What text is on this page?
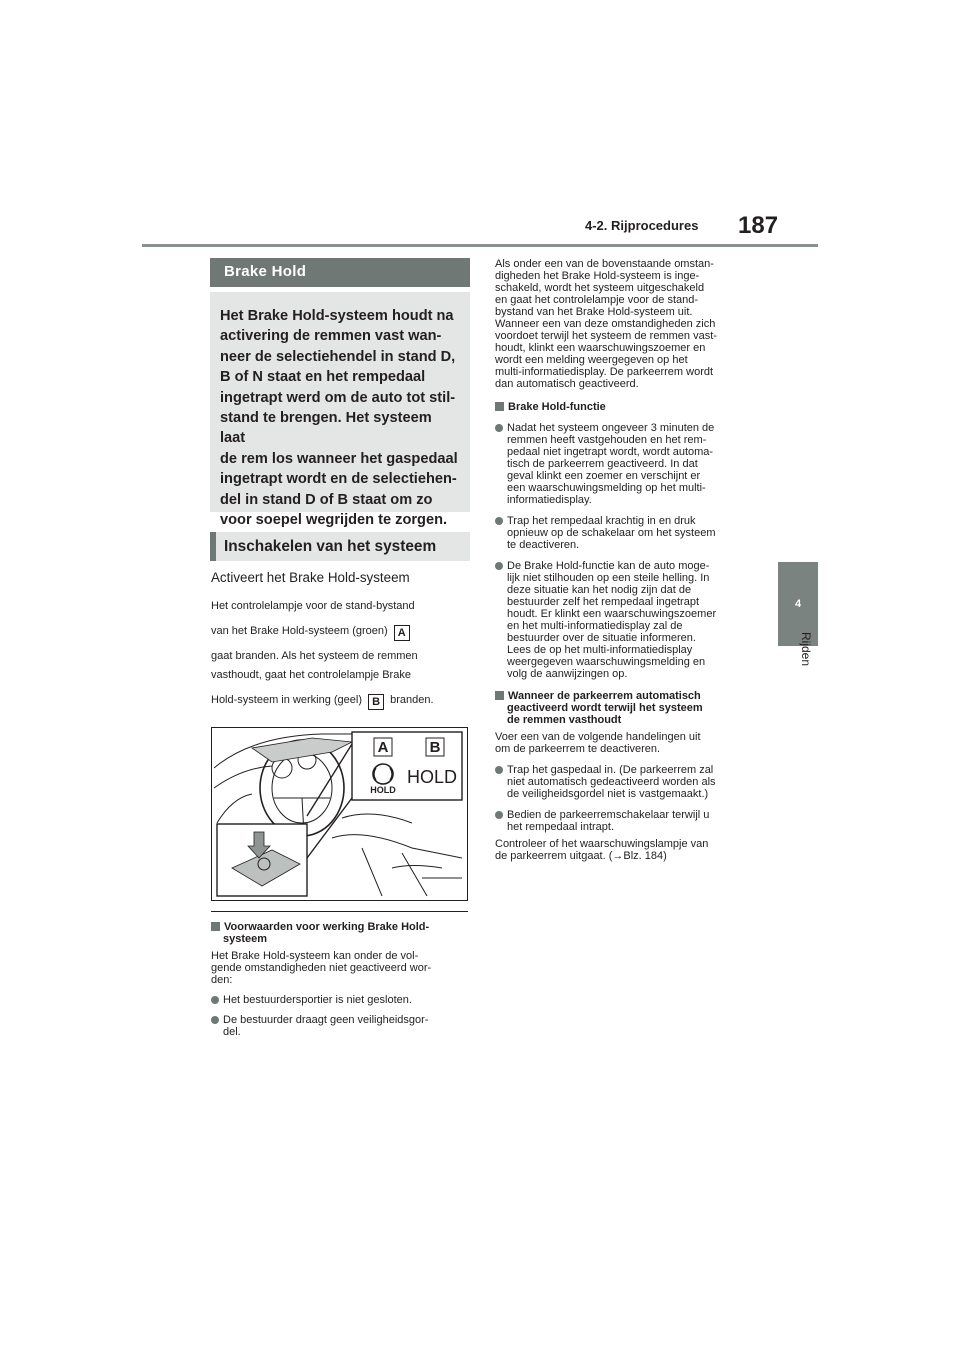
4-2. Rijprocedures 187
4
Rijden
Brake Hold
Het Brake Hold-systeem houdt na
activering de remmen vast wan-
neer de selectiehendel in stand D,
B of N staat en het rempedaal
ingetrapt werd om de auto tot stil-
stand te brengen. Het systeem laat
de rem los wanneer het gaspedaal
ingetrapt wordt en de selectiehen-
del in stand D of B staat om zo
voor soepel wegrijden te zorgen.
Inschakelen van het systeem
Activeert het Brake Hold-systeem
Het controlelampje voor de stand-bystand
van het Brake Hold-systeem (groen) A
gaat branden. Als het systeem de remmen
vasthoudt, gaat het controlelampje Brake
Hold-systeem in werking (geel) B branden.
A	B
HOLD
HOLD

Voorwaarden voor werking Brake Hold-
systeem

Het Brake Hold-systeem kan onder de vol-
gende omstandigheden niet geactiveerd wor-
den:

Het bestuurdersportier is niet gesloten.

De bestuurder draagt geen veiligheidsgor-
del.

Als onder een van de bovenstaande omstan-
digheden het Brake Hold-systeem is inge-
schakeld, wordt het systeem uitgeschakeld
en gaat het controlelampje voor de stand-
bystand van het Brake Hold-systeem uit.
Wanneer een van deze omstandigheden zich
voordoet terwijl het systeem de remmen vast-
houdt, klinkt een waarschuwingszoemer en
wordt een melding weergegeven op het
multi-informatiedisplay. De parkeerrem wordt
dan automatisch geactiveerd.

Brake Hold-functie

Nadat het systeem ongeveer 3 minuten de
remmen heeft vastgehouden en het rem-
pedaal niet ingetrapt wordt, wordt automa-
tisch de parkeerrem geactiveerd. In dat
geval klinkt een zoemer en verschijnt er
een waarschuwingsmelding op het multi-
informatiedisplay.

Trap het rempedaal krachtig in en druk
opnieuw op de schakelaar om het systeem
te deactiveren.

De Brake Hold-functie kan de auto moge-
lijk niet stilhouden op een steile helling. In
deze situatie kan het nodig zijn dat de
bestuurder zelf het rempedaal ingetrapt
houdt. Er klinkt een waarschuwingszoemer
en het multi-informatiedisplay zal de
bestuurder over de situatie informeren.
Lees de op het multi-informatiedisplay
weergegeven waarschuwingsmelding en
volg de aanwijzingen op.

Wanneer de parkeerrem automatisch
geactiveerd wordt terwijl het systeem
de remmen vasthoudt

Voer een van de volgende handelingen uit
om de parkeerrem te deactiveren.

Trap het gaspedaal in. (De parkeerrem zal
niet automatisch gedeactiveerd worden als
de veiligheidsgordel niet is vastgemaakt.)

Bedien de parkeerremschakelaar terwijl u
het rempedaal intrapt.

Controleer of het waarschuwingslampje van
de parkeerrem uitgaat. (→Blz. 184)
